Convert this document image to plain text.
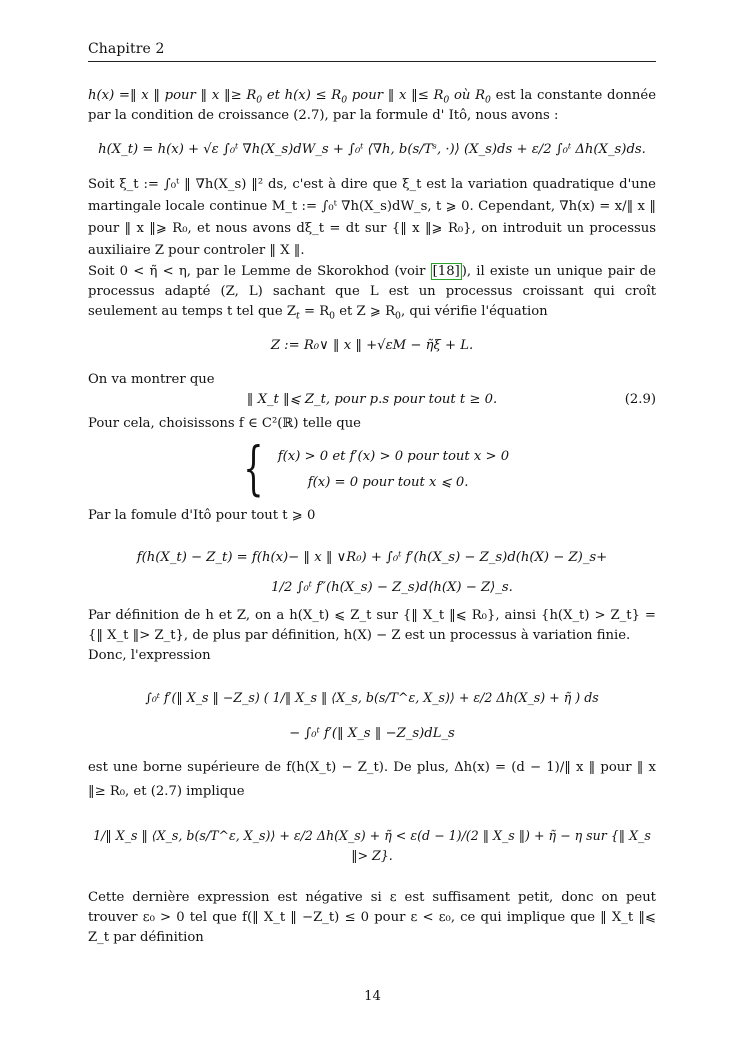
Chapitre 2

h(x) =‖ x ‖ pour ‖ x ‖≥ $R_0$ et $h(x) \le R_0$ pour ‖ x ‖≤ $R_0$ où $R_0$ est la constante donnée par la condition de croissance (2.7), par la formule d' Itô, nous avons :

h(X_t) = h(x) + √ε ∫₀ᵗ ∇h(X_s)dW_s + ∫₀ᵗ ⟨∇h, b(s/Tˢ, ·)⟩ (X_s)ds + ε/2 ∫₀ᵗ Δh(X_s)ds.

Soit ξ_t := ∫₀ᵗ ‖ ∇h(X_s) ‖² ds, c'est à dire que ξ_t est la variation quadratique d'une martingale locale continue M_t := ∫₀ᵗ ∇h(X_s)dW_s, t ⩾ 0. Cependant, ∇h(x) = x/‖ x ‖ pour ‖ x ‖⩾ R₀, et nous avons dξ_t = dt sur {‖ x ‖⩾ R₀}, on introduit un processus auxiliaire Z pour controler ‖ X ‖.

Soit 0 < η̃ < η, par le Lemme de Skorokhod (voir [18] ), il existe un unique pair de processus adapté (Z, L) sachant que L est un processus croissant qui croît seulement au temps t tel que $Z_t = R_0$ et Z ⩾ $R_0$, qui vérifie l'équation

Z := R₀∨ ‖ x ‖ +√εM − η̃ξ + L.

On va montrer que

‖ X_t ‖⩽ Z_t, pour p.s pour tout t ≥ 0.	(2.9)

Pour cela, choisissons f ∈ C²(ℝ) telle que

{ f(x) > 0 et f′(x) > 0 pour tout x > 0
f(x) = 0 pour tout x ⩽ 0.

Par la fomule d'Itô pour tout t ⩾ 0

f(h(X_t) − Z_t) = f(h(x)− ‖ x ‖ ∨R₀) + ∫₀ᵗ f′(h(X_s) − Z_s)d(h(X) − Z)_s+
1/2 ∫₀ᵗ f″(h(X_s) − Z_s)d⟨h(X) − Z⟩_s.

Par définition de h et Z, on a h(X_t) ⩽ Z_t sur {‖ X_t ‖⩽ R₀}, ainsi {h(X_t) > Z_t} = {‖ X_t ‖> Z_t}, de plus par définition, h(X) − Z est un processus à variation finie.

Donc, l'expression

∫₀ᵗ f′(‖ X_s ‖ −Z_s) ( 1/‖ X_s ‖ ⟨X_s, b(s/T^ε, X_s)⟩ + ε/2 Δh(X_s) + η̃ ) ds
− ∫₀ᵗ f′(‖ X_s ‖ −Z_s)dL_s

est une borne supérieure de f(h(X_t) − Z_t). De plus, Δh(x) = (d − 1)/‖ x ‖ pour ‖ x ‖≥ R₀, et (2.7) implique

1/‖ X_s ‖ ⟨X_s, b(s/T^ε, X_s)⟩ + ε/2 Δh(X_s) + η̃ < ε(d − 1)/(2 ‖ X_s ‖) + η̃ − η sur {‖ X_s ‖> Z}.

Cette dernière expression est négative si ε est suffisament petit, donc on peut trouver ε₀ > 0 tel que f(‖ X_t ‖ −Z_t) ≤ 0 pour ε < ε₀, ce qui implique que ‖ X_t ‖⩽ Z_t par définition

14
